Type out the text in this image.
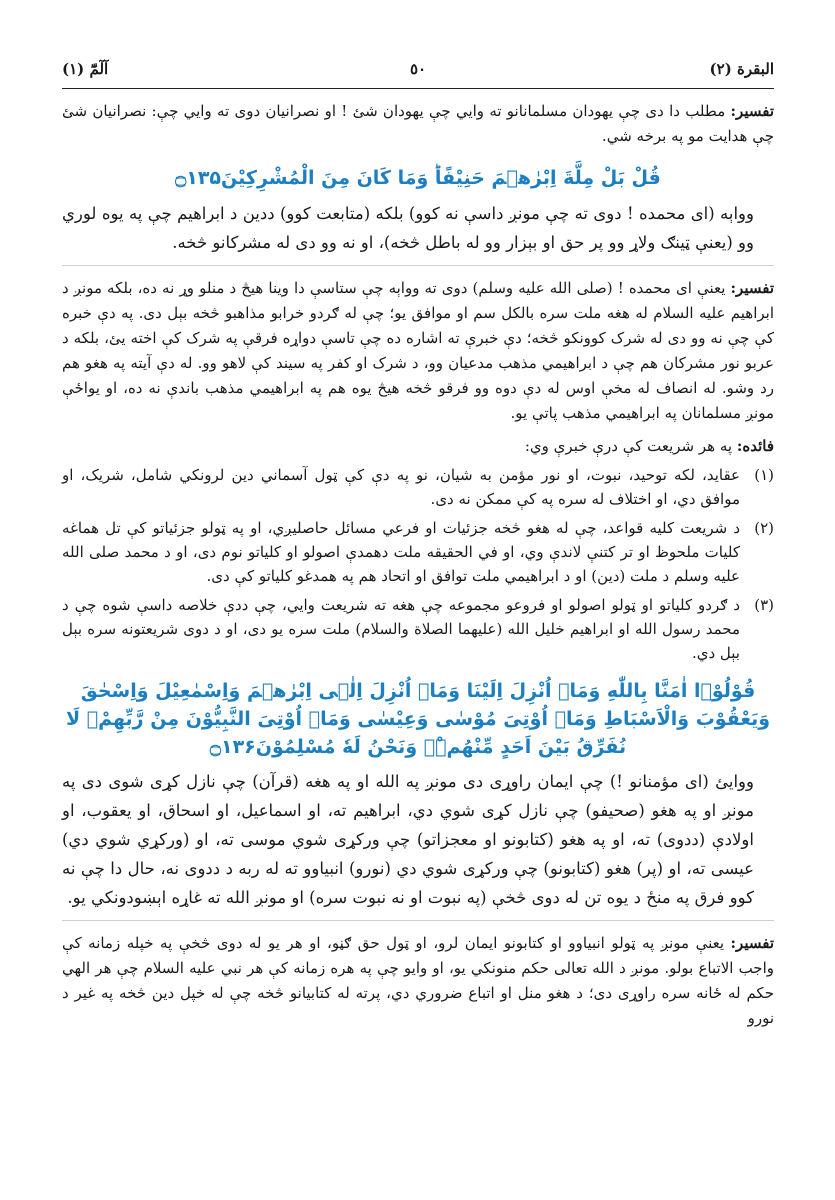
البقرة (٢)
٥٠
آلٓمّٓ (١)

تفسير: مطلب دا دی چې یهودان مسلمانانو ته وایي چې یهودان شئ ! او نصرانیان دوی ته وایي چې: نصرانیان شئ چې هدایت مو په برخه شي.

قُلْ بَلْ مِلَّةَ اِبْرٰهٖمَ حَنِیْفًاؕ وَمَا كَانَ مِنَ الْمُشْرِكِیْنَ۝۱۳۵

وواېه (ای محمده ! دوی ته چې مونږ داسې نه کوو) بلکه (متابعت کوو) ددین د ابراهیم چې په یوه لوري وو (یعنې ټینګ ولاړ وو پر حق او بېزار وو له باطل څخه)، او نه وو دی له مشرکانو څخه.

تفسير: یعنې ای محمده ! (صلی الله علیه وسلم) دوی ته وواېه چې ستاسې دا وینا هیڅ د منلو وړ نه ده، بلکه مونږ د ابراهیم علیه السلام له هغه ملت سره بالکل سم او موافق یو؛ چې له ګردو خرابو مذاهبو څخه بېل دی. په دې خبره کې چې نه وو دی له شرک کوونکو څخه؛ دې خبرې ته اشاره ده چې تاسې دواړه فرقې په شرک کې اخته یئ، بلکه د عربو نور مشرکان هم چې د ابراهیمي مذهب مدعیان وو، د شرک او کفر په سیند کې لاهو وو. له دې آیته په هغو هم رد وشو. له انصاف له مخې اوس له دې دوه وو فرقو څخه هیڅ یوه هم په ابراهیمي مذهب باندې نه ده، او یواځې مونږ مسلمانان په ابراهیمي مذهب پاتې یو.

فائده: په هر شریعت کې درې خبرې وي:

(۱)
عقاید، لکه توحید، نبوت، او نور مؤمن به شیان، نو په دې کې ټول آسماني دین لرونکي شامل، شریک، او موافق دي، او اختلاف له سره په کې ممکن نه دی.
(۲)
د شریعت کلیه قواعد، چې له هغو څخه جزئیات او فرعي مسائل حاصلیږي، او په ټولو جزئیاتو کې تل هماغه کلیات ملحوظ او تر کتنې لاندې وي، او في الحقیقه ملت دهمدې اصولو او کلیاتو نوم دی، او د محمد صلی الله علیه وسلم د ملت (دین) او د ابراهیمي ملت توافق او اتحاد هم په همدغو کلیاتو کې دی.
(۳)
د ګردو کلیاتو او ټولو اصولو او فروعو مجموعه چې هغه ته شریعت وایي، چې ددې خلاصه داسې شوه چې د محمد رسول الله او ابراهیم خلیل الله (علیهما الصلاة والسلام) ملت سره یو دی، او د دوی شریعتونه سره بېل بېل دي.

قُوْلُوْۤا اٰمَنَّا بِاللّٰهِ وَمَاۤ اُنْزِلَ اِلَیْنَا وَمَاۤ اُنْزِلَ اِلٰۤی اِبْرٰهٖمَ وَاِسْمٰعِیْلَ وَاِسْحٰقَ وَیَعْقُوْبَ وَالْاَسْبَاطِ وَمَاۤ اُوْتِیَ مُوْسٰی وَعِیْسٰی وَمَاۤ اُوْتِیَ النَّبِیُّوْنَ مِنْ رَّبِّهِمْۚ لَا نُفَرِّقُ بَیْنَ اَحَدٍ مِّنْهُمْ٘ۖ وَنَحْنُ لَهٗ مُسْلِمُوْنَ۝۱۳۶

ووایئ (ای مؤمنانو !) چې ایمان راوړی دی مونږ په الله او په هغه (قرآن) چې نازل کړی شوی دی په مونږ او په هغو (صحیفو) چې نازل کړی شوي دي، ابراهیم ته، او اسماعیل، او اسحاق، او یعقوب، او اولادې (ددوی) ته، او په هغو (کتابونو او معجزاتو) چې ورکړی شوي موسی ته، او (ورکړي شوي دي) عیسی ته، او (پر) هغو (کتابونو) چې ورکړی شوي دي (نورو) انبیاوو ته له ربه د ددوی نه، حال دا چې نه کوو فرق په منځ د یوه تن له دوی څخې (په نبوت او نه نبوت سره) او مونږ الله ته غاړه اېښودونکي یو.

تفسير: یعنې مونږ په ټولو انبیاوو او کتابونو ایمان لرو، او ټول حق ګڼو، او هر یو له دوی څخې په خپله زمانه کې واجب الاتباع بولو. مونږ د الله تعالی حکم منونکي یو، او وایو چې په هره زمانه کې هر نبي علیه السلام چې هر الهي حکم له ځانه سره راوړی دی؛ د هغو منل او اتباع ضروري دي، پرته له کتابیانو څخه چې له خپل دین څخه په غیر د نورو
